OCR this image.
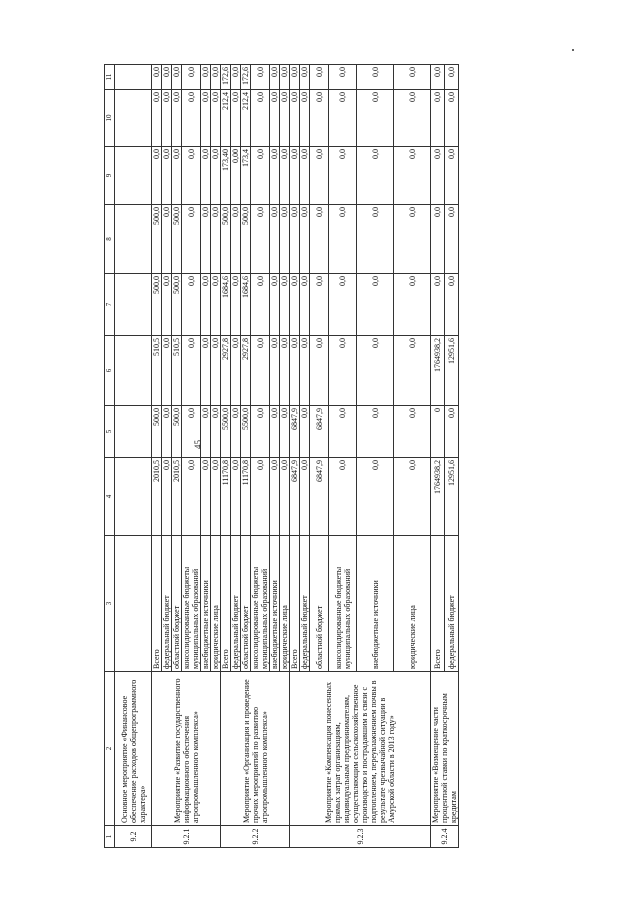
45
1	2	3	4	5	6	7	8	9	10	11
9.2	Основное мероприятие «Финансовое обеспечение расходов общепрограммного характера»									
9.2.1	Мероприятие «Развитие государственного информационного обеспечения агропромышленного комплекса»	Всего	2010,5	500,0	510,5	500,0	500,0	0,0	0,0	0,0
		федеральный бюджет	0,0	0,0	0,0	0,0	0,0	0,0	0,0	0,0
		областной бюджет	2010,5	500,0	510,5	500,0	500,0	0,0	0,0	0,0
		консолидированные бюджеты муниципальных образований	0,0	0,0	0,0	0,0	0,0	0,0	0,0	0,0
		внебюджетные источники	0,0	0,0	0,0	0,0	0,0	0,0	0,0	0,0
		юридические лица	0,0	0,0	0,0	0,0	0,0	0,0	0,0	0,0
9.2.2	Мероприятие «Организация и проведение прочих мероприятий по развитию агропромышленного комплекса»	Всего	11170,8	5500,0	2927,8	1684,6	500,0	173,40	212,4	172,6
		федеральный бюджет	0,0	0,0	0,0	0,0	0,0	0,00	0,0	0,0
		областной бюджет	11170,8	5500,0	2927,8	1684,6	500,0	173,4	212,4	172,6
		консолидированные бюджеты муниципальных образований	0,0	0,0	0,0	0,0	0,0	0,0	0,0	0,0
		внебюджетные источники	0,0	0,0	0,0	0,0	0,0	0,0	0,0	0,0
		юридические лица	0,0	0,0	0,0	0,0	0,0	0,0	0,0	0,0
9.2.3	Мероприятие «Компенсация понесенных прямых затрат организациям, индивидуальным предпринимателям, осуществляющим сельскохозяйственное производство и пострадавшим в связи с подтоплением, переувлажнением почвы в результате чрезвычайной ситуации в Амурской области в 2013 году»	Всего	6847,9	6847,9	0,0	0,0	0,0	0,0	0,0	0,0
		федеральный бюджет	0,0	0,0	0,0	0,0	0,0	0,0	0,0	0,0
		областной бюджет	6847,9	6847,9	0,0	0,0	0,0	0,0	0,0	0,0
		консолидированные бюджеты муниципальных образований	0,0	0,0	0,0	0,0	0,0	0,0	0,0	0,0
		внебюджетные источники	0,0	0,0	0,0	0,0	0,0	0,0	0,0	0,0
		юридические лица	0,0	0,0	0,0	0,0	0,0	0,0	0,0	0,0
9.2.4	Мероприятие «Возмещение части процентной ставки по краткосрочным кредитам	Всего	1764938,2	0	1764938,2	0,0	0,0	0,0	0,0	0,0
		федеральный бюджет	12951,6	0,0	12951,6	0,0	0,0	0,0	0,0	0,0
